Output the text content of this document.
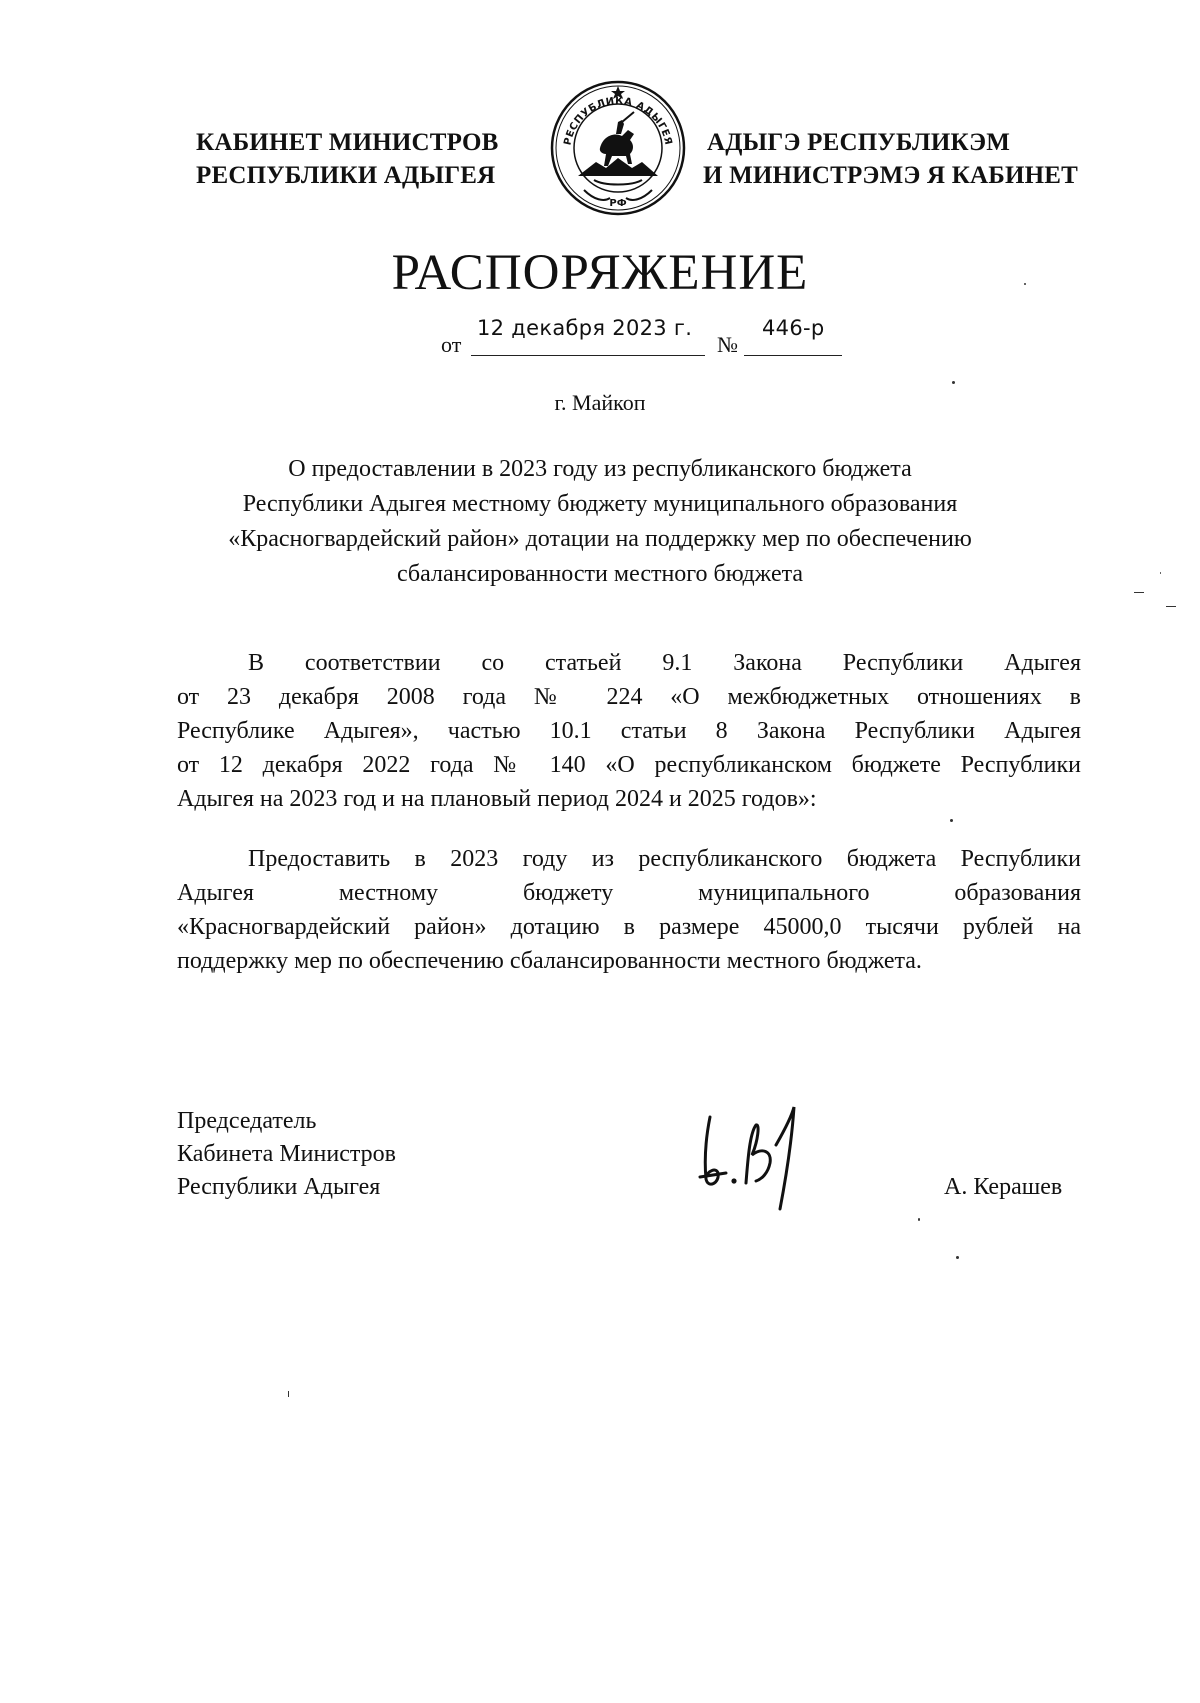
КАБИНЕТ МИНИСТРОВ
РЕСПУБЛИКИ АДЫГЕЯ
РЕСПУБЛИКА АДЫГЕЯ
РФ
АДЫГЭ РЕСПУБЛИКЭМ
И МИНИСТРЭМЭ Я КАБИНЕТ
РАСПОРЯЖЕНИЕ
от
12 декабря 2023 г.
№
446-р
г. Майкоп
О предоставлении в 2023 году из республиканского бюджета
Республики Адыгея местному бюджету муниципального образования
«Красногвардейский район» дотации на поддержку мер по обеспечению
сбалансированности местного бюджета
В соответствии со статьей 9.1 Закона Республики Адыгея
от 23 декабря 2008 года № 224 «О межбюджетных отношениях в
Республике Адыгея», частью 10.1 статьи 8 Закона Республики Адыгея
от 12 декабря 2022 года № 140 «О республиканском бюджете Республики
Адыгея на 2023 год и на плановый период 2024 и 2025 годов»:
Предоставить в 2023 году из республиканского бюджета Республики
Адыгея местному бюджету муниципального образования
«Красногвардейский район» дотацию в размере 45000,0 тысячи рублей на
поддержку мер по обеспечению сбалансированности местного бюджета.
Председатель
Кабинета Министров
Республики Адыгея	А. Керашев
